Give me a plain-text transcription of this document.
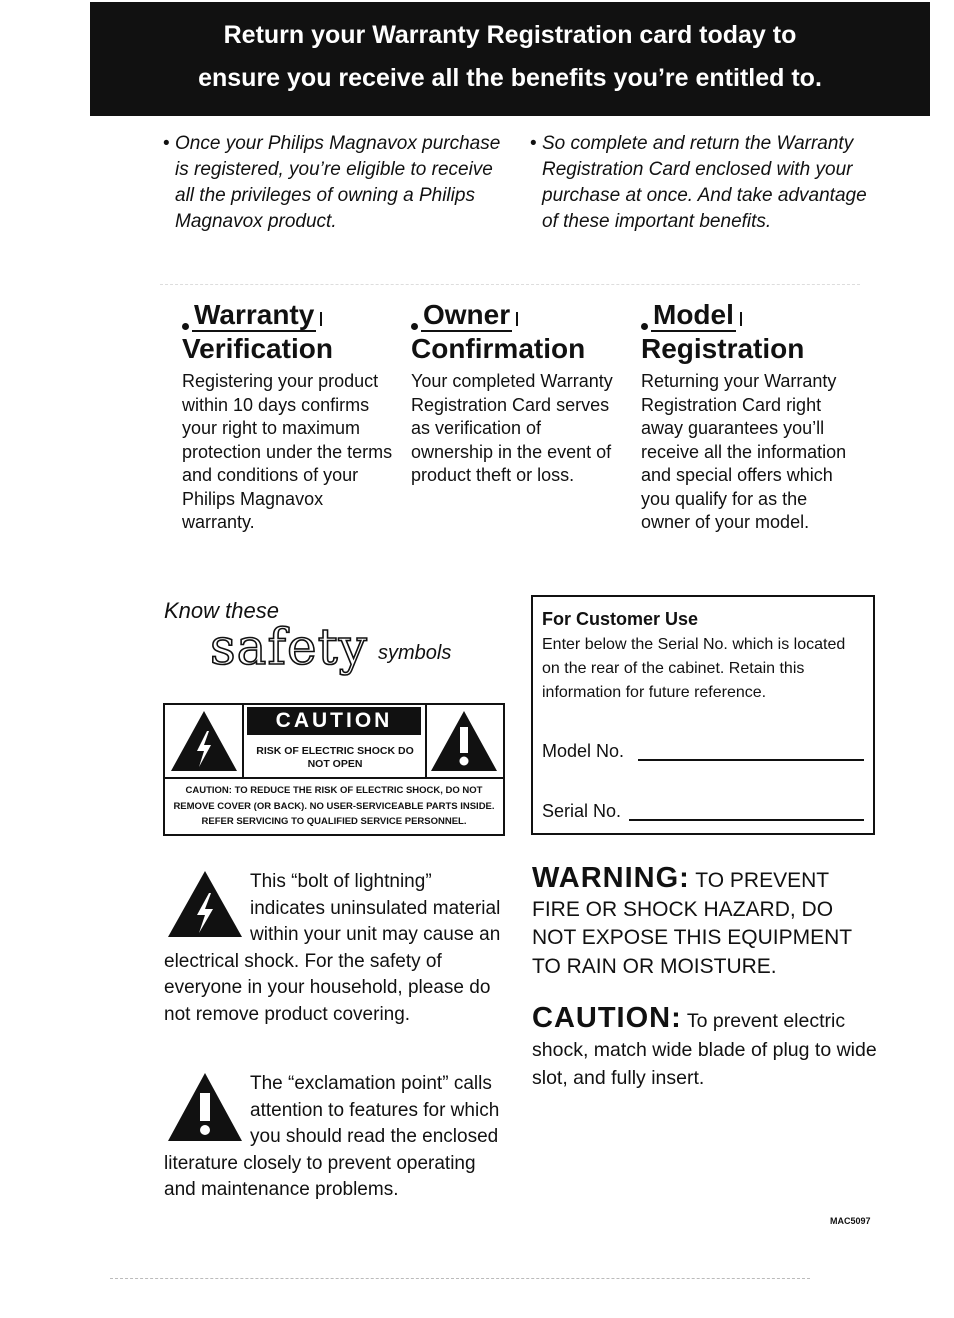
Return your Warranty Registration card today to
ensure you receive all the benefits you’re entitled to.
• Once your Philips Magnavox purchase is registered, you’re eligible to receive all the privileges of owning a Philips Magnavox product.
• So complete and return the Warranty Registration Card enclosed with your purchase at once. And take advantage of these important benefits.
Warranty
Verification
Registering your product within 10 days confirms your right to maximum protection under the terms and conditions of your Philips Magnavox warranty.
Owner
Confirmation
Your completed Warranty Registration Card serves as verification of ownership in the event of product theft or loss.
Model
Registration
Returning your Warranty Registration Card right away guarantees you’ll receive all the information and special offers which you qualify for as the owner of your model.
Know these
safety symbols
CAUTION
RISK OF ELECTRIC SHOCK DO NOT OPEN
CAUTION: TO REDUCE THE RISK OF ELECTRIC SHOCK, DO NOT REMOVE COVER (OR BACK). NO USER-SERVICEABLE PARTS INSIDE. REFER SERVICING TO QUALIFIED SERVICE PERSONNEL.
For Customer Use
Enter below the Serial No. which is located on the rear of the cabinet. Retain this information for future reference.
Model No.
Serial No.
This “bolt of lightning” indicates uninsulated material within your unit may cause an electrical shock. For the safety of everyone in your household, please do not remove product covering.
The “exclamation point” calls attention to features for which you should read the enclosed literature closely to prevent operating and maintenance problems.
WARNING: TO PREVENT FIRE OR SHOCK HAZARD, DO NOT EXPOSE THIS EQUIPMENT TO RAIN OR MOISTURE.
CAUTION: To prevent electric shock, match wide blade of plug to wide slot, and fully insert.
MAC5097
